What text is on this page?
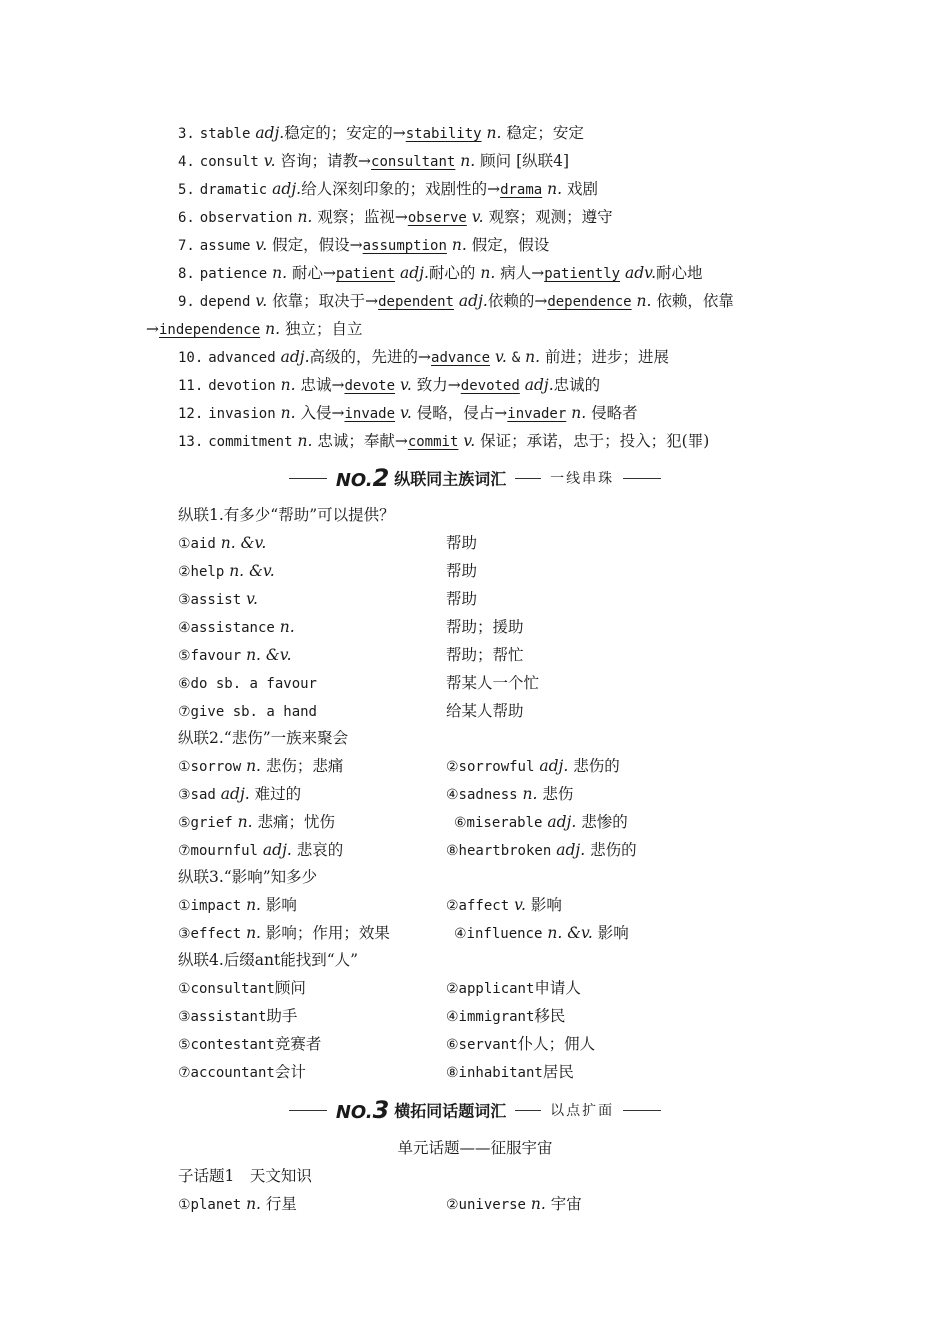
3. stable adj.稳定的；安定的→stability n. 稳定；安定
4. consult v. 咨询；请教→consultant n. 顾问 [纵联4]
5. dramatic adj.给人深刻印象的；戏剧性的→drama n. 戏剧
6. observation n. 观察；监视→observe v. 观察；观测；遵守
7. assume v. 假定，假设→assumption n. 假定，假设
8. patience n. 耐心→patient adj.耐心的 n. 病人→patiently adv.耐心地
9. depend v. 依靠；取决于→dependent adj.依赖的→dependence n. 依赖，依靠
→independence n. 独立；自立
10. advanced adj.高级的，先进的→advance v. & n. 前进；进步；进展
11. devotion n. 忠诚→devote v. 致力→devoted adj.忠诚的
12. invasion n. 入侵→invade v. 侵略，侵占→invader n. 侵略者
13. commitment n. 忠诚；奉献→commit v. 保证；承诺，忠于；投入；犯(罪)
NO.2 纵联同主族词汇	一线串珠
纵联1.有多少“帮助”可以提供？
①aid n. &v.	帮助
②help n. &v.	帮助
③assist v.	帮助
④assistance n.	帮助；援助
⑤favour n. &v.	帮助；帮忙
⑥do sb. a favour	帮某人一个忙
⑦give sb. a hand	给某人帮助
纵联2.“悲伤”一族来聚会
①sorrow n. 悲伤；悲痛	②sorrowful adj. 悲伤的
③sad adj. 难过的	④sadness n. 悲伤
⑤grief n. 悲痛；忧伤	⑥miserable adj. 悲惨的
⑦mournful adj. 悲哀的	⑧heartbroken adj. 悲伤的
纵联3.“影响”知多少
①impact n. 影响	②affect v. 影响
③effect n. 影响；作用；效果	④influence n. &v. 影响
纵联4.后缀ant能找到“人”
①consultant顾问	②applicant申请人
③assistant助手	④immigrant移民
⑤contestant竞赛者	⑥servant仆人；佣人
⑦accountant会计	⑧inhabitant居民
NO.3 横拓同话题词汇	以点扩面
单元话题——征服宇宙
子话题1　天文知识
①planet n. 行星	②universe n. 宇宙
